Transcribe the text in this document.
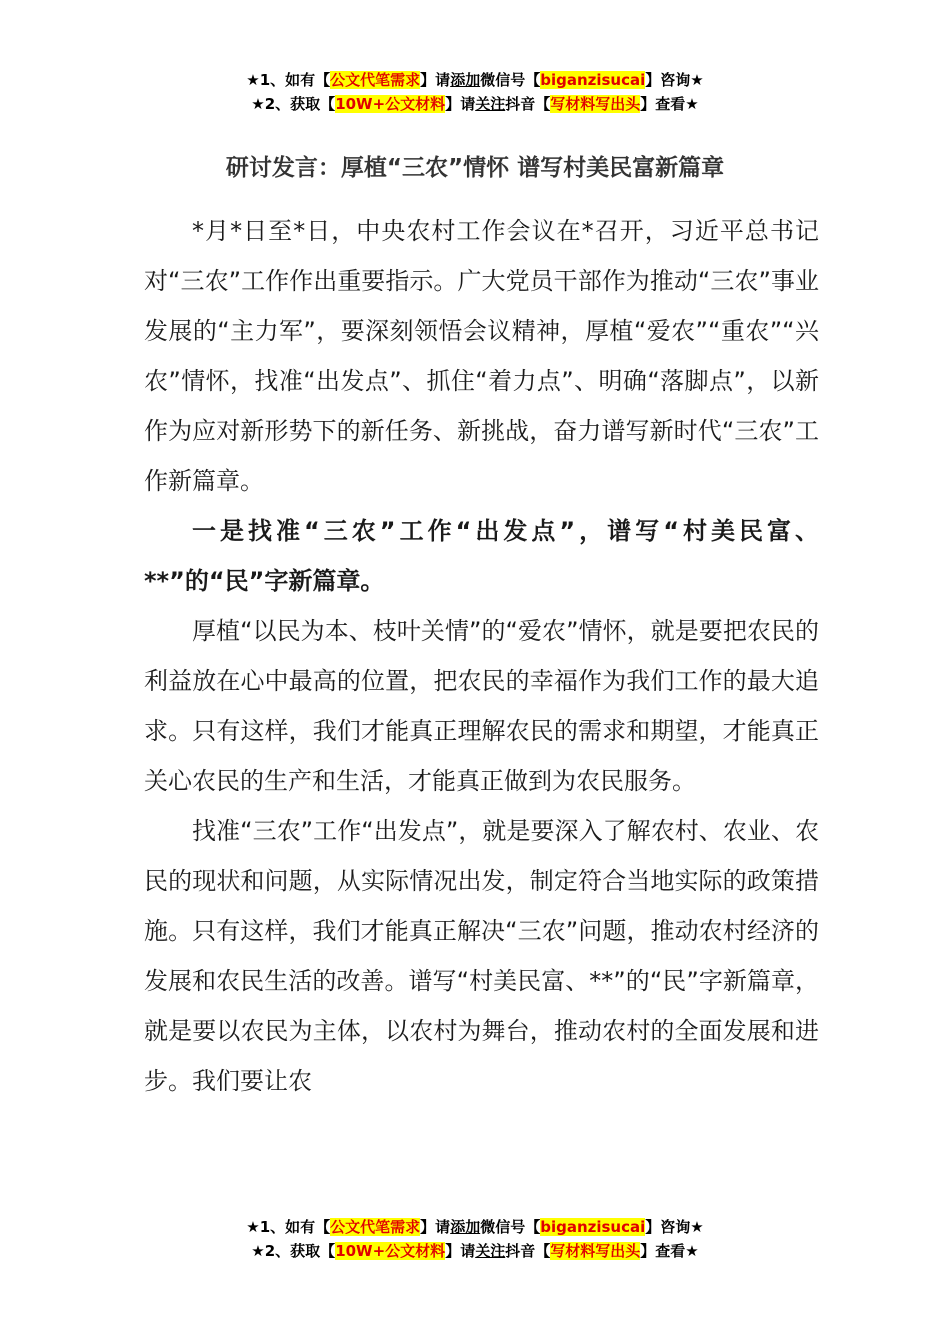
★1、如有【公文代笔需求】请添加微信号【biganzisucai】咨询★
★2、获取【10W+公文材料】请关注抖音【写材料写出头】查看★
研讨发言：厚植“三农”情怀 谱写村美民富新篇章

*月*日至*日，中央农村工作会议在*召开，习近平总书记对“三农”工作作出重要指示。广大党员干部作为推动“三农”事业发展的“主力军”，要深刻领悟会议精神，厚植“爱农”“重农”“兴农”情怀，找准“出发点”、抓住“着力点”、明确“落脚点”，以新作为应对新形势下的新任务、新挑战，奋力谱写新时代“三农”工作新篇章。

一是找准“三农”工作“出发点”，谱写“村美民富、**”的“民”字新篇章。

厚植“以民为本、枝叶关情”的“爱农”情怀，就是要把农民的利益放在心中最高的位置，把农民的幸福作为我们工作的最大追求。只有这样，我们才能真正理解农民的需求和期望，才能真正关心农民的生产和生活，才能真正做到为农民服务。

找准“三农”工作“出发点”，就是要深入了解农村、农业、农民的现状和问题，从实际情况出发，制定符合当地实际的政策措施。只有这样，我们才能真正解决“三农”问题，推动农村经济的发展和农民生活的改善。谱写“村美民富、**”的“民”字新篇章，就是要以农民为主体，以农村为舞台，推动农村的全面发展和进步。我们要让农

★1、如有【公文代笔需求】请添加微信号【biganzisucai】咨询★
★2、获取【10W+公文材料】请关注抖音【写材料写出头】查看★
